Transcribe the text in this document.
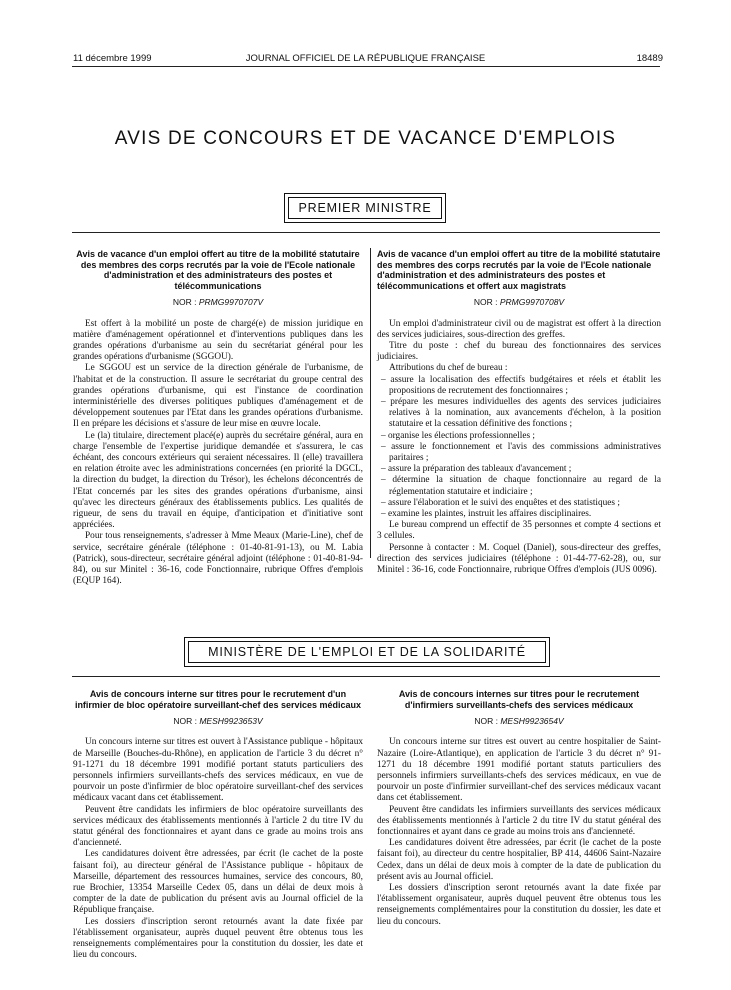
11 décembre 1999	JOURNAL OFFICIEL DE LA RÉPUBLIQUE FRANÇAISE	18489
AVIS DE CONCOURS ET DE VACANCE D'EMPLOIS
PREMIER MINISTRE

Avis de vacance d'un emploi offert au titre de la mobilité statutaire des membres des corps recrutés par la voie de l'Ecole nationale d'administration et des administrateurs des postes et télécommunications

NOR : PRMG9970707V

Est offert à la mobilité un poste de chargé(e) de mission juridique en matière d'aménagement opérationnel et d'interventions publiques dans les grandes opérations d'urbanisme au sein du secrétariat général pour les grandes opérations d'urbanisme (SGGOU).

Le SGGOU est un service de la direction générale de l'urbanisme, de l'habitat et de la construction. Il assure le secrétariat du groupe central des grandes opérations d'urbanisme, qui est l'instance de coordination interministérielle des diverses politiques publiques d'aménagement et de développement soutenues par l'Etat dans les grandes opérations d'urbanisme. Il en prépare les décisions et s'assure de leur mise en œuvre locale.

Le (la) titulaire, directement placé(e) auprès du secrétaire général, aura en charge l'ensemble de l'expertise juridique demandée et s'assurera, le cas échéant, des concours extérieurs qui seraient nécessaires. Il (elle) travaillera en relation étroite avec les administrations concernées (en priorité la DGCL, la direction du budget, la direction du Trésor), les échelons déconcentrés de l'Etat concernés par les sites des grandes opérations d'urbanisme, ainsi qu'avec les directeurs généraux des établissements publics. Les qualités de rigueur, de sens du travail en équipe, d'anticipation et d'initiative sont appréciées.

Pour tous renseignements, s'adresser à Mme Meaux (Marie-Line), chef de service, secrétaire générale (téléphone : 01-40-81-91-13), ou M. Labia (Patrick), sous-directeur, secrétaire général adjoint (téléphone : 01-40-81-94-84), ou sur Minitel : 36-16, code Fonctionnaire, rubrique Offres d'emplois (EQUP 164).

Avis de vacance d'un emploi offert au titre de la mobilité statutaire des membres des corps recrutés par la voie de l'Ecole nationale d'administration et des administrateurs des postes et télécommunications et offert aux magistrats

NOR : PRMG9970708V

Un emploi d'administrateur civil ou de magistrat est offert à la direction des services judiciaires, sous-direction des greffes.

Titre du poste : chef du bureau des fonctionnaires des services judiciaires.

Attributions du chef de bureau :

– assure la localisation des effectifs budgétaires et réels et établit les propositions de recrutement des fonctionnaires ;
– prépare les mesures individuelles des agents des services judiciaires relatives à la nomination, aux avancements d'échelon, à la position statutaire et la cessation définitive des fonctions ;
– organise les élections professionnelles ;
– assure le fonctionnement et l'avis des commissions administratives paritaires ;
– assure la préparation des tableaux d'avancement ;
– détermine la situation de chaque fonctionnaire au regard de la réglementation statutaire et indiciaire ;
– assure l'élaboration et le suivi des enquêtes et des statistiques ;
– examine les plaintes, instruit les affaires disciplinaires.

Le bureau comprend un effectif de 35 personnes et compte 4 sections et 3 cellules.

Personne à contacter : M. Coquel (Daniel), sous-directeur des greffes, direction des services judiciaires (téléphone : 01-44-77-62-28), ou, sur Minitel : 36-16, code Fonctionnaire, rubrique Offres d'emplois (JUS 0096).

MINISTÈRE DE L'EMPLOI ET DE LA SOLIDARITÉ

Avis de concours interne sur titres pour le recrutement d'un infirmier de bloc opératoire surveillant-chef des services médicaux

NOR : MESH9923653V

Un concours interne sur titres est ouvert à l'Assistance publique - hôpitaux de Marseille (Bouches-du-Rhône), en application de l'article 3 du décret n° 91-1271 du 18 décembre 1991 modifié portant statuts particuliers des personnels infirmiers surveillants-chefs des services médicaux, en vue de pourvoir un poste d'infirmier de bloc opératoire surveillant-chef des services médicaux vacant dans cet établissement.

Peuvent être candidats les infirmiers de bloc opératoire surveillants des services médicaux des établissements mentionnés à l'article 2 du titre IV du statut général des fonctionnaires et ayant dans ce grade au moins trois ans d'ancienneté.

Les candidatures doivent être adressées, par écrit (le cachet de la poste faisant foi), au directeur général de l'Assistance publique - hôpitaux de Marseille, département des ressources humaines, service des concours, 80, rue Brochier, 13354 Marseille Cedex 05, dans un délai de deux mois à compter de la date de publication du présent avis au Journal officiel de la République française.

Les dossiers d'inscription seront retournés avant la date fixée par l'établissement organisateur, auprès duquel peuvent être obtenus tous les renseignements complémentaires pour la constitution du dossier, les date et lieu du concours.

Avis de concours internes sur titres pour le recrutement d'infirmiers surveillants-chefs des services médicaux

NOR : MESH9923654V

Un concours interne sur titres est ouvert au centre hospitalier de Saint-Nazaire (Loire-Atlantique), en application de l'article 3 du décret n° 91-1271 du 18 décembre 1991 modifié portant statuts particuliers des personnels infirmiers surveillants-chefs des services médicaux, en vue de pourvoir un poste d'infirmier surveillant-chef des services médicaux vacant dans cet établissement.

Peuvent être candidats les infirmiers surveillants des services médicaux des établissements mentionnés à l'article 2 du titre IV du statut général des fonctionnaires et ayant dans ce grade au moins trois ans d'ancienneté.

Les candidatures doivent être adressées, par écrit (le cachet de la poste faisant foi), au directeur du centre hospitalier, BP 414, 44606 Saint-Nazaire Cedex, dans un délai de deux mois à compter de la date de publication du présent avis au Journal officiel.

Les dossiers d'inscription seront retournés avant la date fixée par l'établissement organisateur, auprès duquel peuvent être obtenus tous les renseignements complémentaires pour la constitution du dossier, les date et lieu du concours.
